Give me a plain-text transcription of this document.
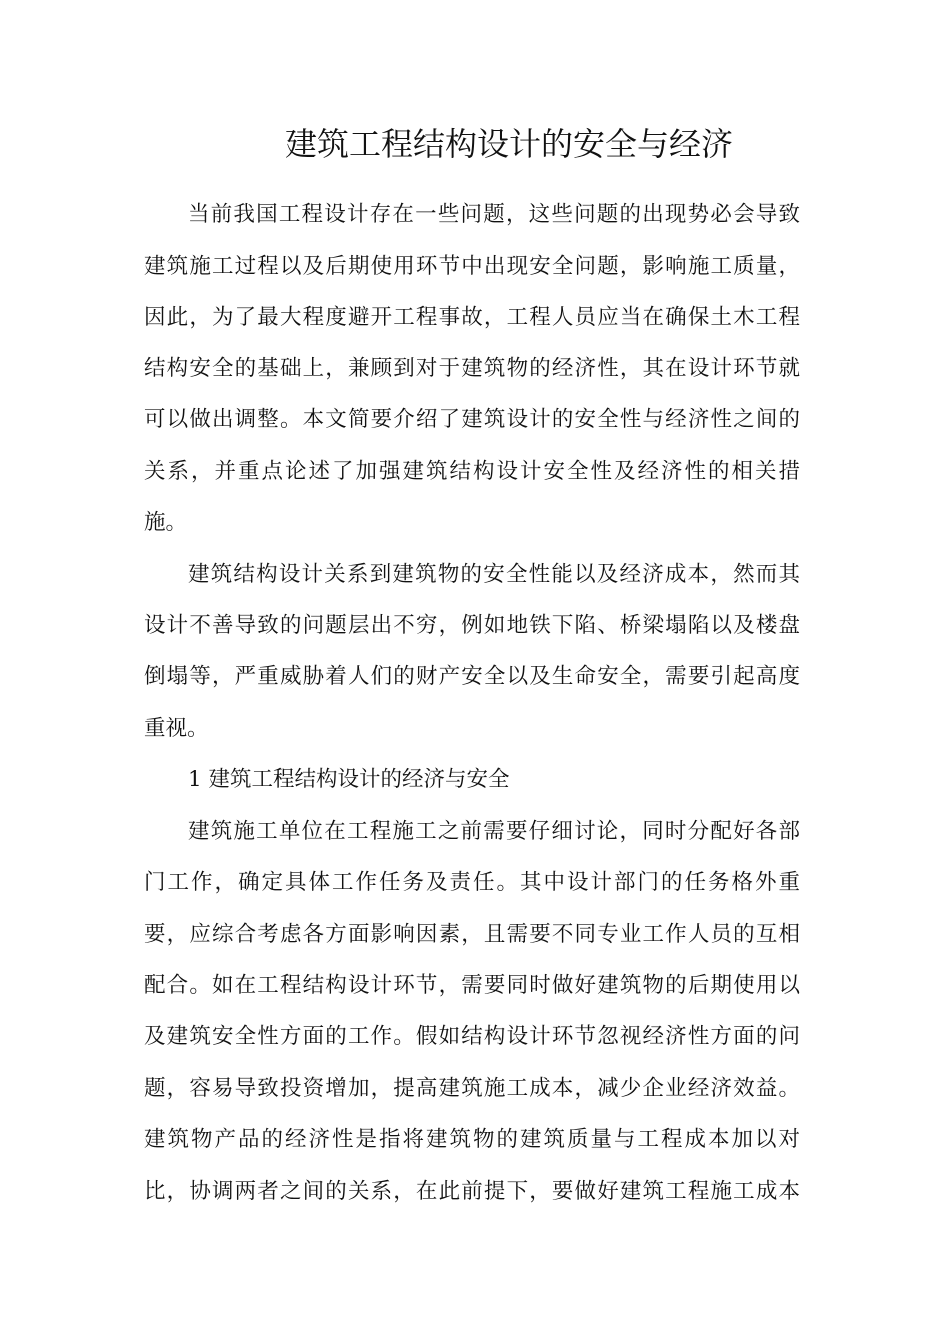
建筑工程结构设计的安全与经济
当前我国工程设计存在一些问题，这些问题的出现势必会导致
建筑施工过程以及后期使用环节中出现安全问题，影响施工质量，
因此，为了最大程度避开工程事故，工程人员应当在确保土木工程
结构安全的基础上，兼顾到对于建筑物的经济性，其在设计环节就
可以做出调整。本文简要介绍了建筑设计的安全性与经济性之间的
关系，并重点论述了加强建筑结构设计安全性及经济性的相关措
施。
建筑结构设计关系到建筑物的安全性能以及经济成本，然而其
设计不善导致的问题层出不穷，例如地铁下陷、桥梁塌陷以及楼盘
倒塌等，严重威胁着人们的财产安全以及生命安全，需要引起高度
重视。
1 建筑工程结构设计的经济与安全
建筑施工单位在工程施工之前需要仔细讨论，同时分配好各部
门工作，确定具体工作任务及责任。其中设计部门的任务格外重
要，应综合考虑各方面影响因素，且需要不同专业工作人员的互相
配合。如在工程结构设计环节，需要同时做好建筑物的后期使用以
及建筑安全性方面的工作。假如结构设计环节忽视经济性方面的问
题，容易导致投资增加，提高建筑施工成本，减少企业经济效益。
建筑物产品的经济性是指将建筑物的建筑质量与工程成本加以对
比，协调两者之间的关系，在此前提下，要做好建筑工程施工成本
